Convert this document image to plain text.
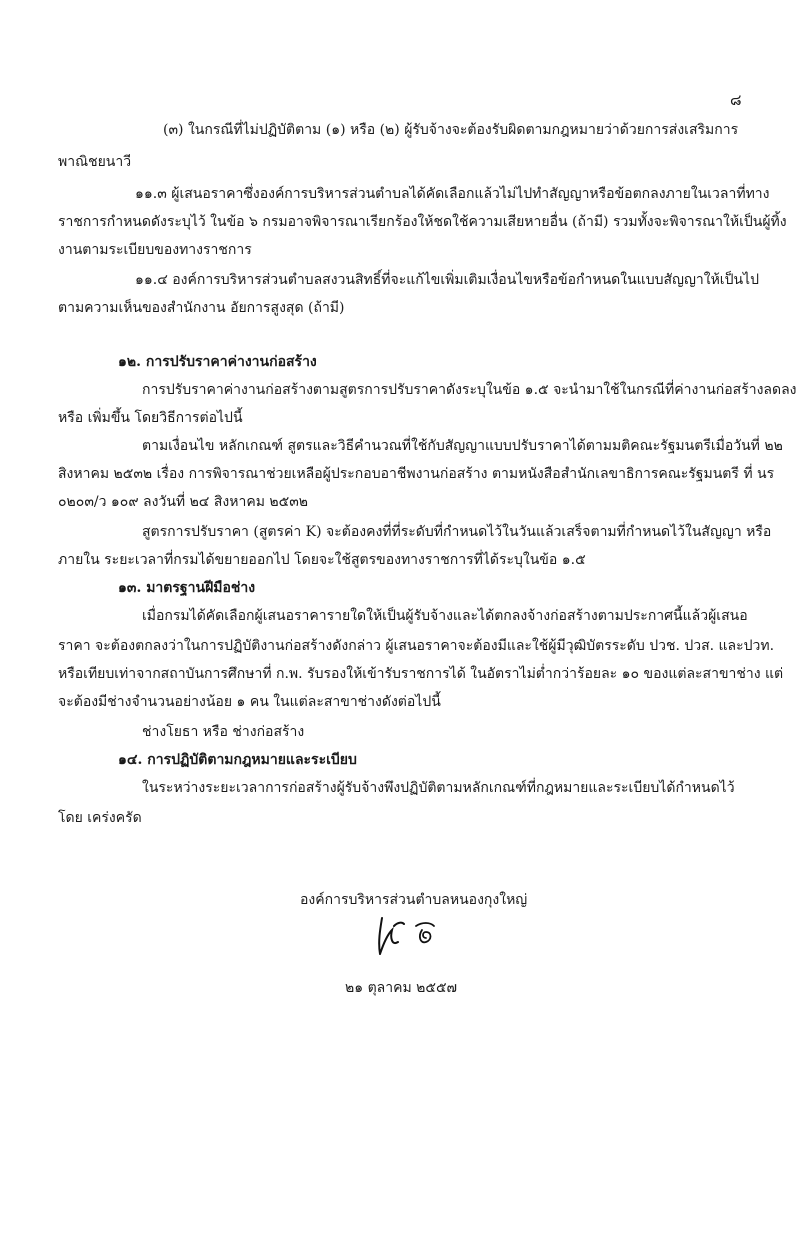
๘
(๓) ในกรณีที่ไม่ปฏิบัติตาม (๑) หรือ (๒) ผู้รับจ้างจะต้องรับผิดตามกฎหมายว่าด้วยการส่งเสริมการ
พาณิชยนาวี
๑๑.๓ ผู้เสนอราคาซึ่งองค์การบริหารส่วนตำบลได้คัดเลือกแล้วไม่ไปทำสัญญาหรือข้อตกลงภายในเวลาที่ทาง
ราชการกำหนดดังระบุไว้ ในข้อ ๖ กรมอาจพิจารณาเรียกร้องให้ชดใช้ความเสียหายอื่น (ถ้ามี) รวมทั้งจะพิจารณาให้เป็นผู้ทิ้ง
งานตามระเบียบของทางราชการ
๑๑.๔ องค์การบริหารส่วนตำบลสงวนสิทธิ์ที่จะแก้ไขเพิ่มเติมเงื่อนไขหรือข้อกำหนดในแบบสัญญาให้เป็นไป
ตามความเห็นของสำนักงาน อัยการสูงสุด (ถ้ามี)
๑๒. การปรับราคาค่างานก่อสร้าง
การปรับราคาค่างานก่อสร้างตามสูตรการปรับราคาดังระบุในข้อ ๑.๕ จะนำมาใช้ในกรณีที่ค่างานก่อสร้างลดลง
หรือ เพิ่มขึ้น โดยวิธีการต่อไปนี้
ตามเงื่อนไข หลักเกณฑ์ สูตรและวิธีคำนวณที่ใช้กับสัญญาแบบปรับราคาได้ตามมติคณะรัฐมนตรีเมื่อวันที่ ๒๒
สิงหาคม ๒๕๓๒ เรื่อง การพิจารณาช่วยเหลือผู้ประกอบอาชีพงานก่อสร้าง ตามหนังสือสำนักเลขาธิการคณะรัฐมนตรี ที่ นร
๐๒๐๓/ว ๑๐๙ ลงวันที่ ๒๔ สิงหาคม ๒๕๓๒
สูตรการปรับราคา (สูตรค่า K) จะต้องคงที่ที่ระดับที่กำหนดไว้ในวันแล้วเสร็จตามที่กำหนดไว้ในสัญญา หรือ
ภายใน ระยะเวลาที่กรมได้ขยายออกไป โดยจะใช้สูตรของทางราชการที่ได้ระบุในข้อ ๑.๕
๑๓. มาตรฐานฝีมือช่าง
เมื่อกรมได้คัดเลือกผู้เสนอราคารายใดให้เป็นผู้รับจ้างและได้ตกลงจ้างก่อสร้างตามประกาศนี้แล้วผู้เสนอ
ราคา จะต้องตกลงว่าในการปฏิบัติงานก่อสร้างดังกล่าว ผู้เสนอราคาจะต้องมีและใช้ผู้มีวุฒิบัตรระดับ ปวช. ปวส. และปวท.
หรือเทียบเท่าจากสถาบันการศึกษาที่ ก.พ. รับรองให้เข้ารับราชการได้ ในอัตราไม่ต่ำกว่าร้อยละ ๑๐ ของแต่ละสาขาช่าง แต่
จะต้องมีช่างจำนวนอย่างน้อย ๑ คน ในแต่ละสาขาช่างดังต่อไปนี้
ช่างโยธา หรือ ช่างก่อสร้าง
๑๔. การปฏิบัติตามกฎหมายและระเบียบ
ในระหว่างระยะเวลาการก่อสร้างผู้รับจ้างพึงปฏิบัติตามหลักเกณฑ์ที่กฎหมายและระเบียบได้กำหนดไว้
โดย เคร่งครัด
องค์การบริหารส่วนตำบลหนองกุงใหญ่
๒๑ ตุลาคม ๒๕๕๗
